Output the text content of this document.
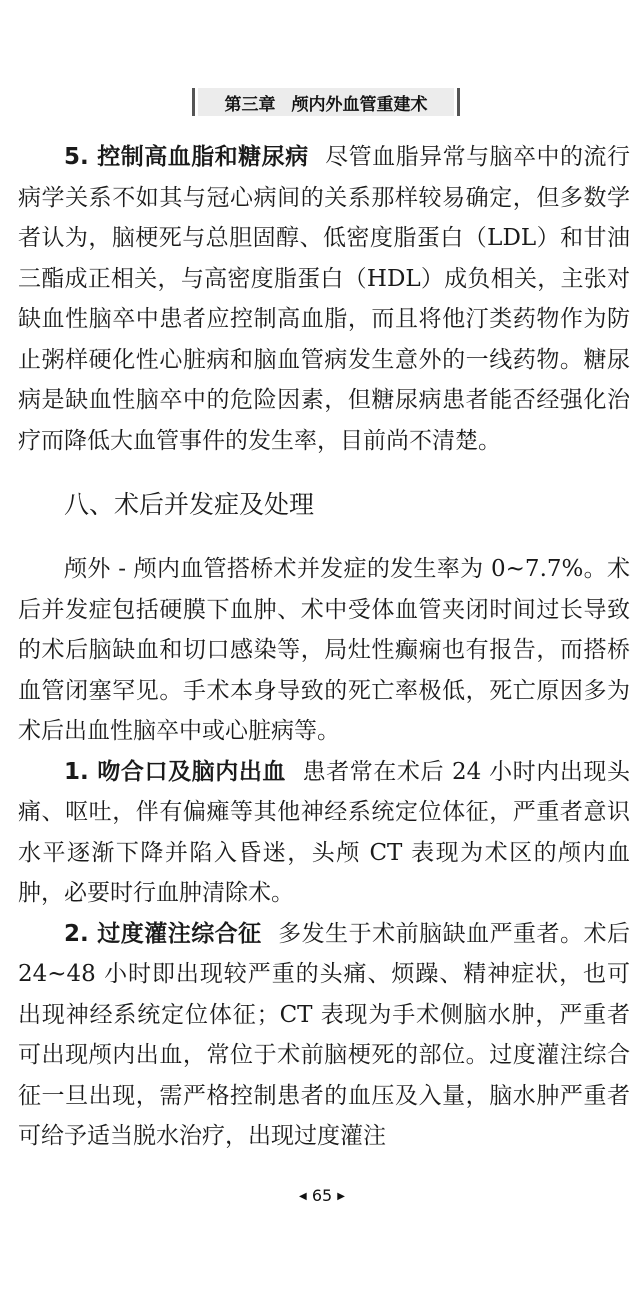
第三章 颅内外血管重建术

5. 控制高血脂和糖尿病 尽管血脂异常与脑卒中的流行病学关系不如其与冠心病间的关系那样较易确定，但多数学者认为，脑梗死与总胆固醇、低密度脂蛋白（LDL）和甘油三酯成正相关，与高密度脂蛋白（HDL）成负相关，主张对缺血性脑卒中患者应控制高血脂，而且将他汀类药物作为防止粥样硬化性心脏病和脑血管病发生意外的一线药物。糖尿病是缺血性脑卒中的危险因素，但糖尿病患者能否经强化治疗而降低大血管事件的发生率，目前尚不清楚。

八、术后并发症及处理

颅外 - 颅内血管搭桥术并发症的发生率为 0~7.7%。术后并发症包括硬膜下血肿、术中受体血管夹闭时间过长导致的术后脑缺血和切口感染等，局灶性癫痫也有报告，而搭桥血管闭塞罕见。手术本身导致的死亡率极低，死亡原因多为术后出血性脑卒中或心脏病等。

1. 吻合口及脑内出血 患者常在术后 24 小时内出现头痛、呕吐，伴有偏瘫等其他神经系统定位体征，严重者意识水平逐渐下降并陷入昏迷，头颅 CT 表现为术区的颅内血肿，必要时行血肿清除术。

2. 过度灌注综合征 多发生于术前脑缺血严重者。术后 24~48 小时即出现较严重的头痛、烦躁、精神症状，也可出现神经系统定位体征；CT 表现为手术侧脑水肿，严重者可出现颅内出血，常位于术前脑梗死的部位。过度灌注综合征一旦出现，需严格控制患者的血压及入量，脑水肿严重者可给予适当脱水治疗，出现过度灌注

◀ 65 ▶
